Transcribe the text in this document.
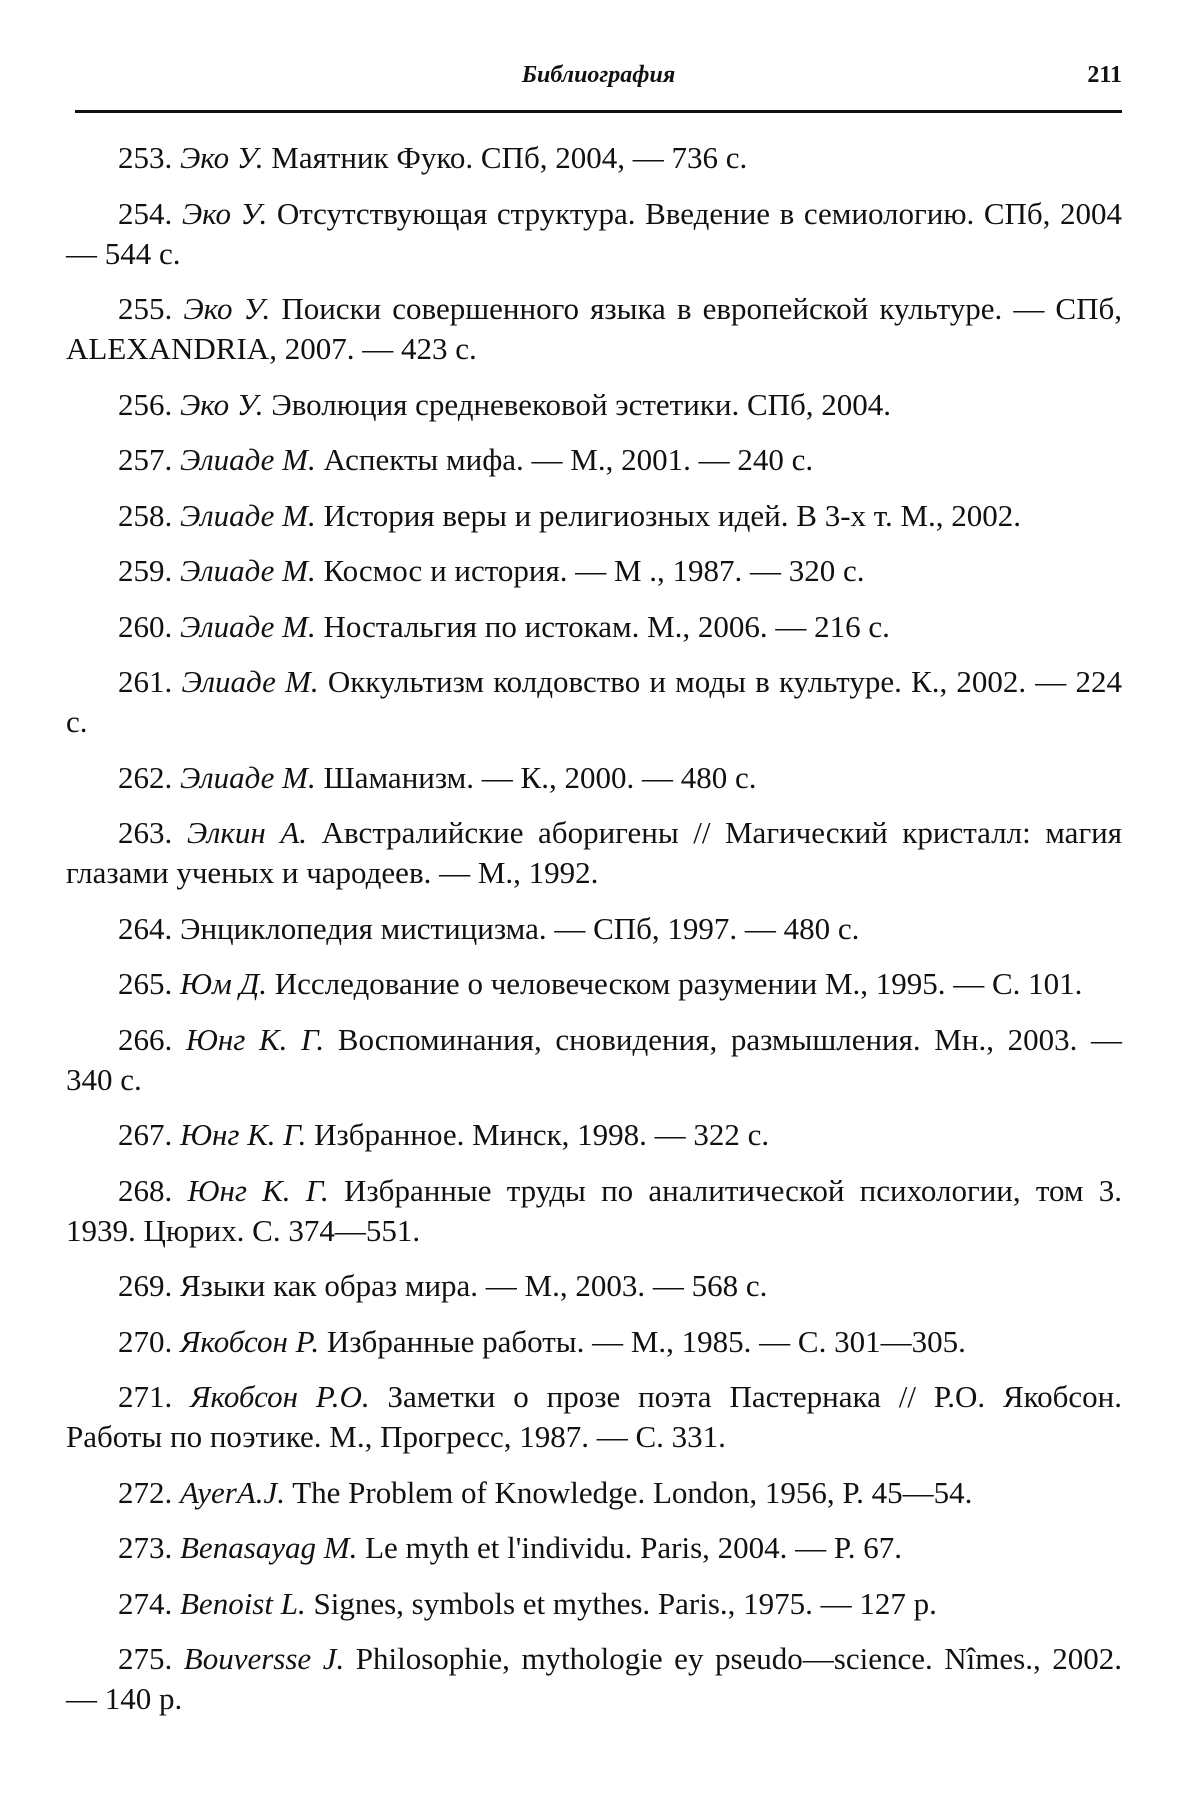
Библиография	211

253. Эко У. Маятник Фуко. СПб, 2004, — 736 с.

254. Эко У. Отсутствующая структура. Введение в семиологию. СПб, 2004 — 544 с.

255. Эко У. Поиски совершенного языка в европейской культуре. — СПб, ALEXANDRIA, 2007. — 423 с.

256. Эко У. Эволюция средневековой эстетики. СПб, 2004.

257. Элиаде М. Аспекты мифа. — М., 2001. — 240 с.

258. Элиаде М. История веры и религиозных идей. В 3-х т. М., 2002.

259. Элиаде М. Космос и история. — М ., 1987. — 320 с.

260. Элиаде М. Ностальгия по истокам. М., 2006. — 216 с.

261. Элиаде М. Оккультизм колдовство и моды в культуре. К., 2002. — 224 с.

262. Элиаде М. Шаманизм. — К., 2000. — 480 с.

263. Элкин А. Австралийские аборигены // Магический кристалл: магия глазами ученых и чародеев. — М., 1992.

264. Энциклопедия мистицизма. — СПб, 1997. — 480 с.

265. Юм Д. Исследование о человеческом разумении М., 1995. — С. 101.

266. Юнг К. Г. Воспоминания, сновидения, размышления. Мн., 2003. — 340 с.

267. Юнг К. Г. Избранное. Минск, 1998. — 322 с.

268. Юнг К. Г. Избранные труды по аналитической психологии, том 3. 1939. Цюрих. С. 374—551.

269. Языки как образ мира. — М., 2003. — 568 с.

270. Якобсон Р. Избранные работы. — М., 1985. — С. 301—305.

271. Якобсон Р.О. Заметки о прозе поэта Пастернака // Р.О. Якобсон. Работы по поэтике. М., Прогресс, 1987. — С. 331.

272. AyerA.J. The Problem of Knowledge. London, 1956, P. 45—54.

273. Benasayag M. Le myth et l'individu. Paris, 2004. — P. 67.

274. Benoist L. Signes, symbols et mythes. Paris., 1975. — 127 p.

275. Bouverssе J. Philosophie, mythologie ey pseudo—science. Nîmes., 2002. — 140 p.
